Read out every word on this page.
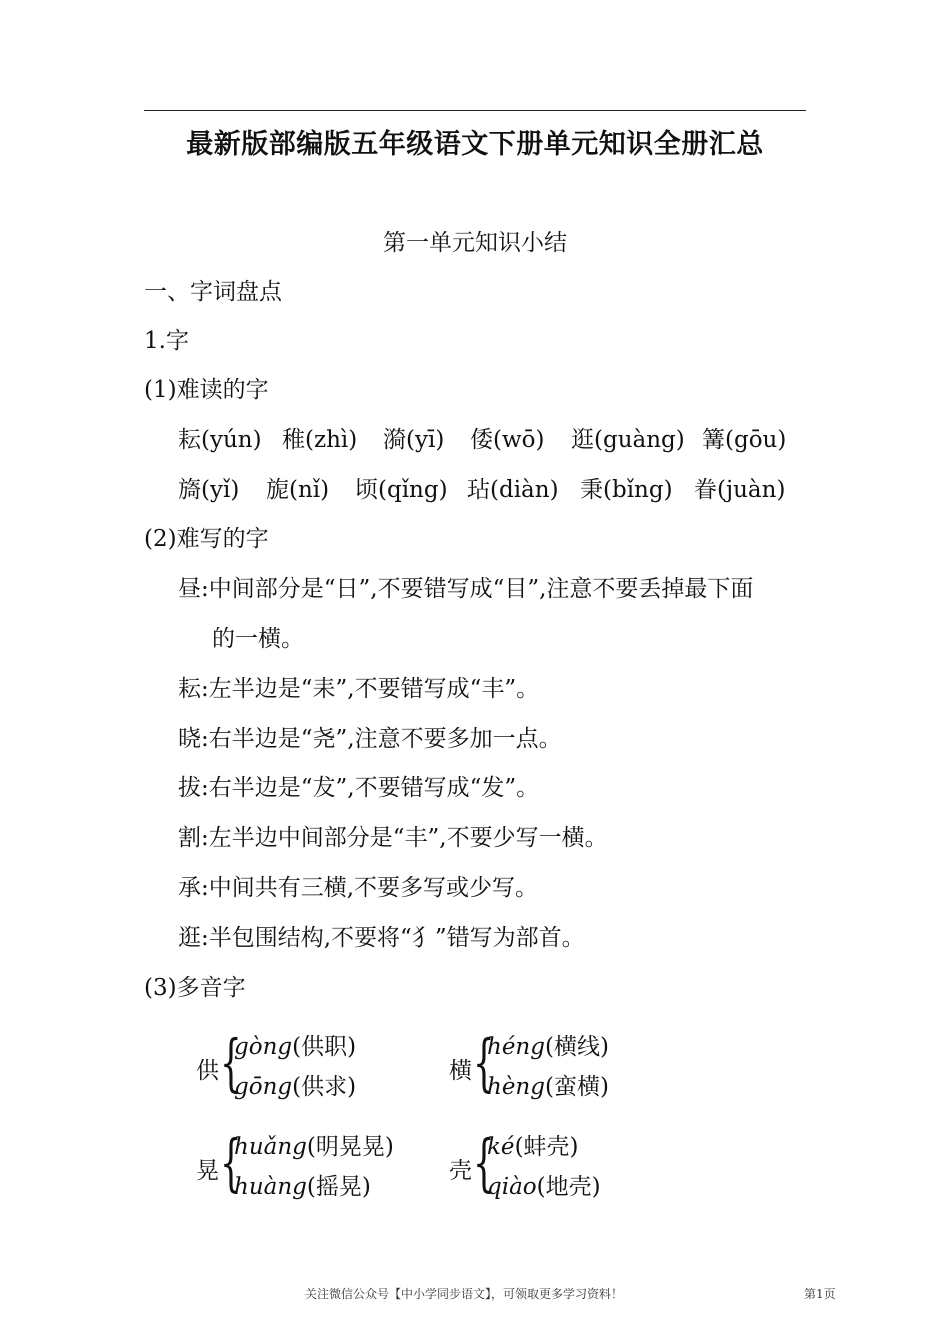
最新版部编版五年级语文下册单元知识全册汇总
第一单元知识小结
一、字词盘点
1.字
(1)难读的字
耘(yún) 稚(zhì) 漪(yī) 倭(wō) 逛(guàng) 篝(gōu)
旖(yǐ) 旎(nǐ) 顷(qǐng) 玷(diàn) 秉(bǐng) 眷(juàn)
(2)难写的字
昼:中间部分是“日”,不要错写成“目”,注意不要丢掉最下面
的一横。
耘:左半边是“耒”,不要错写成“丰”。
晓:右半边是“尧”,注意不要多加一点。
拔:右半边是“犮”,不要错写成“发”。
割:左半边中间部分是“丰”,不要少写一横。
承:中间共有三横,不要多写或少写。
逛:半包围结构,不要将“犭”错写为部首。
(3)多音字
供 {
gòng(供职)
gōng(供求)
横 {
héng(横线)
hèng(蛮横)
晃 {
huǎng(明晃晃)
huàng(摇晃)
壳 {
ké(蚌壳)
qiào(地壳)
关注微信公众号【中小学同步语文】，可领取更多学习资料！	第1页
